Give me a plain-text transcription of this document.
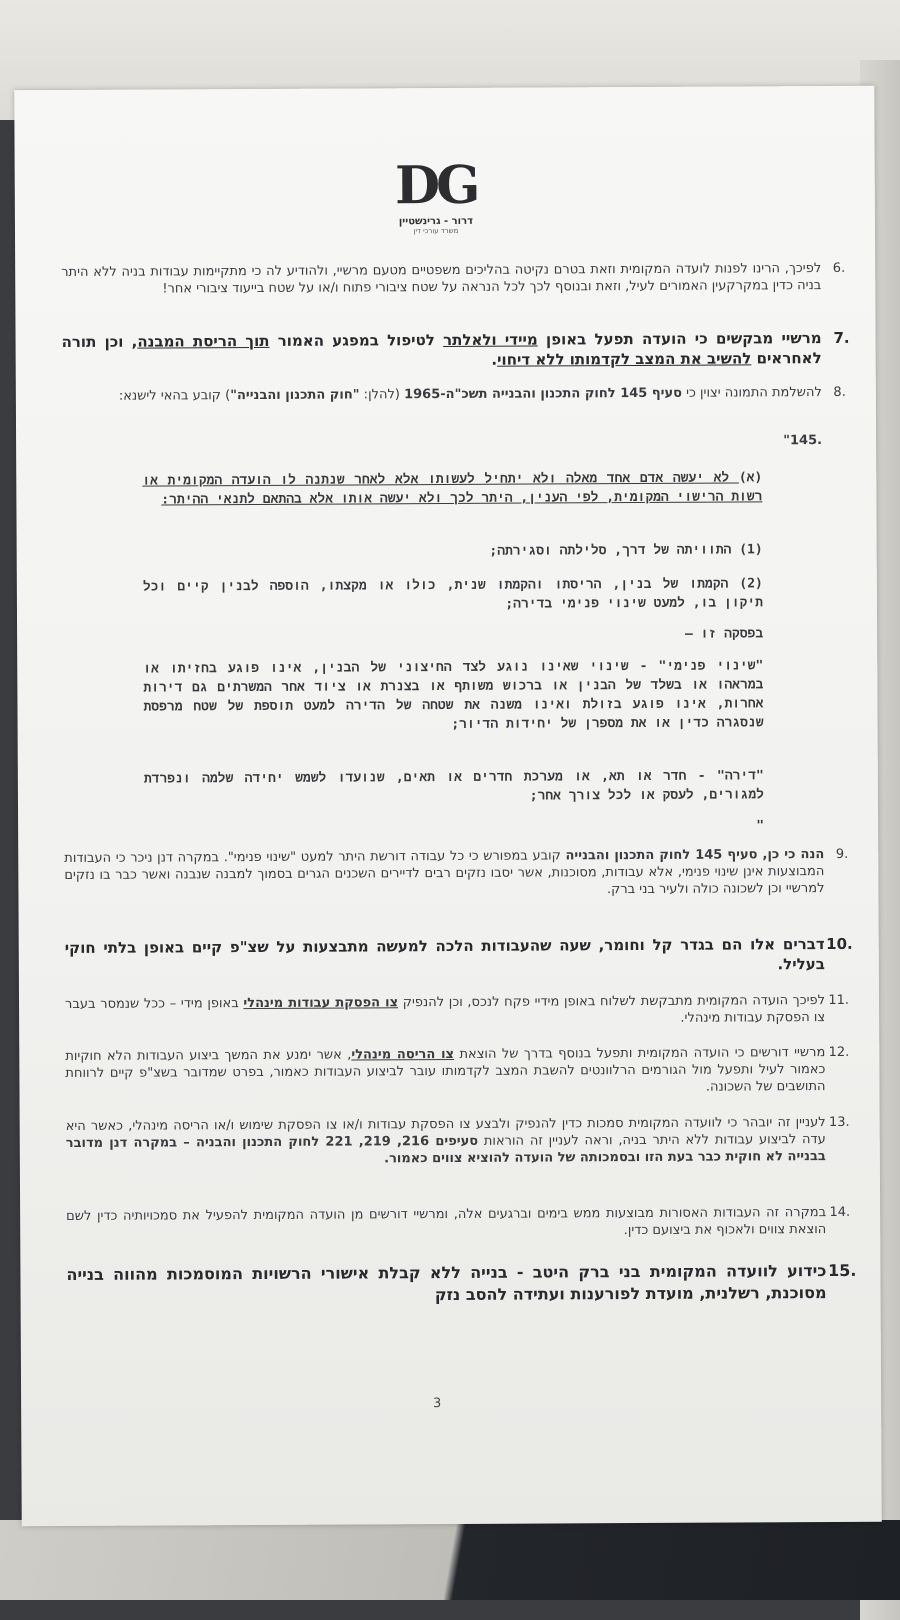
DG
דרור - גרינשטיין
משרד עורכי דין
.6
לפיכך, הרינו לפנות לועדה המקומית וזאת בטרם נקיטה בהליכים משפטיים מטעם מרשיי, ולהודיע לה כי מתקיימות עבודות בניה ללא היתר בניה כדין במקרקעין האמורים לעיל, וזאת ובנוסף לכך לכל הנראה על שטח ציבורי פתוח ו/או על שטח בייעוד ציבורי אחר!
.7
מרשיי מבקשים כי הועדה תפעל באופן מיידי ולאלתר לטיפול במפגע האמור תוך הריסת המבנה, וכן תורה לאחראים להשיב את המצב לקדמותו ללא דיחוי.
.8
להשלמת התמונה יצוין כי סעיף 145 לחוק התכנון והבנייה תשכ"ה-1965 (להלן: "חוק התכנון והבנייה") קובע בהאי לישנא:
.145"
(א) לא יעשה אדם אחד מאלה ולא יתחיל לעשותו אלא לאחר שנתנה לו הועדה המקומית או רשות הרישוי המקומית, לפי הענין, היתר לכך ולא יעשה אותו אלא בהתאם לתנאי ההיתר:
(1) התוויתה של דרך, סלילתה וסגירתה;
(2) הקמתו של בנין, הריסתו והקמתו שנית, כולו או מקצתו, הוספה לבנין קיים וכל תיקון בו, למעט שינוי פנימי בדירה;
בפסקה זו –
"שינוי פנימי" - שינוי שאינו נוגע לצד החיצוני של הבנין, אינו פוגע בחזיתו או במראהו או בשלד של הבנין או ברכוש משותף או בצנרת או ציוד אחר המשרתים גם דירות אחרות, אינו פוגע בזולת ואינו משנה את שטחה של הדירה למעט תוספת של שטח מרפסת שנסגרה כדין או את מספרן של יחידות הדיור;
"דירה" - חדר או תא, או מערכת חדרים או תאים, שנועדו לשמש יחידה שלמה ונפרדת למגורים, לעסק או לכל צורך אחר;
"
.9
הנה כי כן, סעיף 145 לחוק התכנון והבנייה קובע במפורש כי כל עבודה דורשת היתר למעט "שינוי פנימי". במקרה דנן ניכר כי העבודות המבוצעות אינן שינוי פנימי, אלא עבודות, מסוכנות, אשר יסבו נזקים רבים לדיירים השכנים הגרים בסמוך למבנה שנבנה ואשר כבר בו נזקים למרשיי וכן לשכונה כולה ולעיר בני ברק.
.10
דברים אלו הם בגדר קל וחומר, שעה שהעבודות הלכה למעשה מתבצעות על שצ"פ קיים באופן בלתי חוקי בעליל.
.11
לפיכך הועדה המקומית מתבקשת לשלוח באופן מידיי פקח לנכס, וכן להנפיק צו הפסקת עבודות מינהלי באופן מידי – ככל שנמסר בעבר צו הפסקת עבודות מינהלי.
.12
מרשיי דורשים כי הועדה המקומית ותפעל בנוסף בדרך של הוצאת צו הריסה מינהלי, אשר ימנע את המשך ביצוע העבודות הלא חוקיות כאמור לעיל ותפעל מול הגורמים הרלוונטים להשבת המצב לקדמותו עובר לביצוע העבודות כאמור, בפרט שמדובר בשצ"פ קיים לרווחת התושבים של השכונה.
.13
לעניין זה יובהר כי לוועדה המקומית סמכות כדין להנפיק ולבצע צו הפסקת עבודות ו/או צו הפסקת שימוש ו/או הריסה מינהלי, כאשר היא עדה לביצוע עבודות ללא היתר בניה, וראה לעניין זה הוראות סעיפים 216, 219, 221 לחוק התכנון והבניה – במקרה דנן מדובר בבנייה לא חוקית כבר בעת הזו ובסמכותה של הועדה להוציא צווים כאמור.
.14
במקרה זה העבודות האסורות מבוצעות ממש בימים וברגעים אלה, ומרשיי דורשים מן הועדה המקומית להפעיל את סמכויותיה כדין לשם הוצאת צווים ולאכוף את ביצועם כדין.
.15
כידוע לוועדה המקומית בני ברק היטב - בנייה ללא קבלת אישורי הרשויות המוסמכות מהווה בנייה מסוכנת, רשלנית, מועדת לפורענות ועתידה להסב נזק
3
